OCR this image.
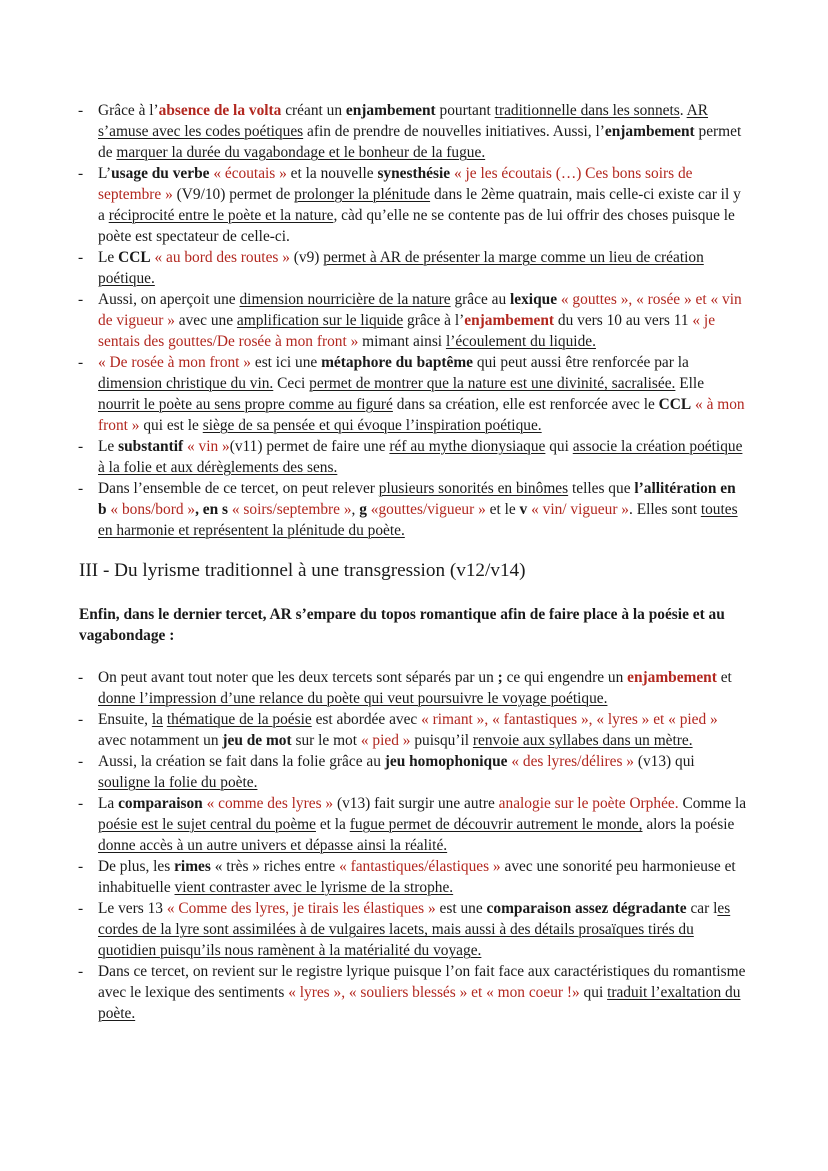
- Grâce à l’absence de la volta créant un enjambement pourtant traditionnelle dans les sonnets. AR s’amuse avec les codes poétiques afin de prendre de nouvelles initiatives. Aussi, l’enjambement permet de marquer la durée du vagabondage et le bonheur de la fugue.
- L’usage du verbe « écoutais » et la nouvelle synesthésie « je les écoutais (…) Ces bons soirs de septembre » (V9/10) permet de prolonger la plénitude dans le 2ème quatrain, mais celle-ci existe car il y a réciprocité entre le poète et la nature, càd qu’elle ne se contente pas de lui offrir des choses puisque le poète est spectateur de celle-ci.
- Le CCL « au bord des routes » (v9) permet à AR de présenter la marge comme un lieu de création poétique.
- Aussi, on aperçoit une dimension nourricière de la nature grâce au lexique « gouttes », « rosée » et « vin de vigueur » avec une amplification sur le liquide grâce à l’enjambement du vers 10 au vers 11 « je sentais des gouttes/De rosée à mon front » mimant ainsi l’écoulement du liquide.
- « De rosée à mon front » est ici une métaphore du baptême qui peut aussi être renforcée par la dimension christique du vin. Ceci permet de montrer que la nature est une divinité, sacralisée. Elle nourrit le poète au sens propre comme au figuré dans sa création, elle est renforcée avec le CCL « à mon front » qui est le siège de sa pensée et qui évoque l’inspiration poétique.
- Le substantif « vin »(v11) permet de faire une réf au mythe dionysiaque qui associe la création poétique à la folie et aux dérèglements des sens.
- Dans l’ensemble de ce tercet, on peut relever plusieurs sonorités en binômes telles que l’allitération en b « bons/bord », en s « soirs/septembre », g «gouttes/vigueur » et le v « vin/ vigueur ». Elles sont toutes en harmonie et représentent la plénitude du poète.
III - Du lyrisme traditionnel à une transgression (v12/v14)
Enfin, dans le dernier tercet, AR s’empare du topos romantique afin de faire place à la poésie et au vagabondage :
- On peut avant tout noter que les deux tercets sont séparés par un ; ce qui engendre un enjambement et donne l’impression d’une relance du poète qui veut poursuivre le voyage poétique.
- Ensuite, la thématique de la poésie est abordée avec « rimant », « fantastiques », « lyres » et « pied » avec notamment un jeu de mot sur le mot « pied » puisqu’il renvoie aux syllabes dans un mètre.
- Aussi, la création se fait dans la folie grâce au jeu homophonique « des lyres/délires » (v13) qui souligne la folie du poète.
- La comparaison « comme des lyres » (v13) fait surgir une autre analogie sur le poète Orphée. Comme la poésie est le sujet central du poème et la fugue permet de découvrir autrement le monde, alors la poésie donne accès à un autre univers et dépasse ainsi la réalité.
- De plus, les rimes « très » riches entre « fantastiques/élastiques » avec une sonorité peu harmonieuse et inhabituelle vient contraster avec le lyrisme de la strophe.
- Le vers 13 « Comme des lyres, je tirais les élastiques » est une comparaison assez dégradante car les cordes de la lyre sont assimilées à de vulgaires lacets, mais aussi à des détails prosaïques tirés du quotidien puisqu’ils nous ramènent à la matérialité du voyage.
- Dans ce tercet, on revient sur le registre lyrique puisque l’on fait face aux caractéristiques du romantisme avec le lexique des sentiments « lyres », « souliers blessés » et « mon coeur !» qui traduit l’exaltation du poète.
